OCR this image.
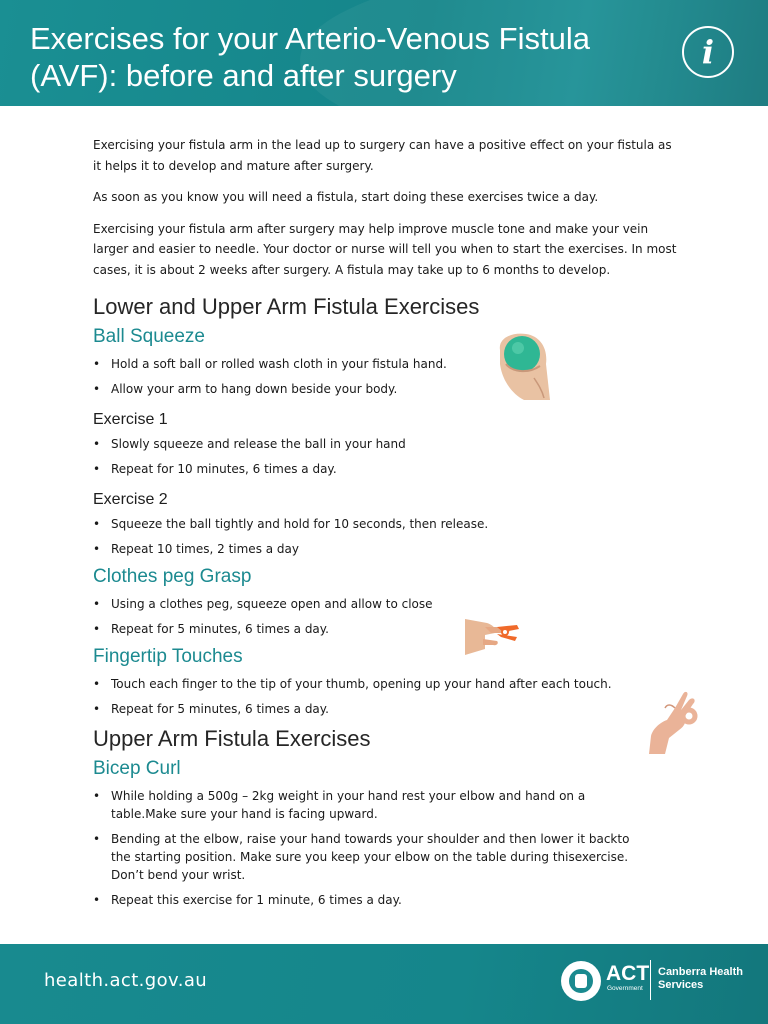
Exercises for your Arterio-Venous Fistula (AVF): before and after surgery
i

Exercising your fistula arm in the lead up to surgery can have a positive effect on your fistula as it helps it to develop and mature after surgery.

As soon as you know you will need a fistula, start doing these exercises twice a day.

Exercising your fistula arm after surgery may help improve muscle tone and make your vein larger and easier to needle. Your doctor or nurse will tell you when to start the exercises. In most cases, it is about 2 weeks after surgery. A fistula may take up to 6 months to develop.

Lower and Upper Arm Fistula Exercises
Ball Squeeze
• Hold a soft ball or rolled wash cloth in your fistula hand.
• Allow your arm to hang down beside your body.
Exercise 1
• Slowly squeeze and release the ball in your hand
• Repeat for 10 minutes, 6 times a day.
Exercise 2
• Squeeze the ball tightly and hold for 10 seconds, then release.
• Repeat 10 times, 2 times a day
Clothes peg Grasp
• Using a clothes peg, squeeze open and allow to close
• Repeat for 5 minutes, 6 times a day.
Fingertip Touches
• Touch each finger to the tip of your thumb, opening up your hand after each touch.
• Repeat for 5 minutes, 6 times a day.
Upper Arm Fistula Exercises
Bicep Curl
• While holding a 500g – 2kg weight in your hand rest your elbow and hand on a table.Make sure your hand is facing upward.
• Bending at the elbow, raise your hand towards your shoulder and then lower it backto the starting position. Make sure you keep your elbow on the table during thisexercise. Don’t bend your wrist.
• Repeat this exercise for 1 minute, 6 times a day.
health.act.gov.au	ACT
Government
Canberra Health Services
